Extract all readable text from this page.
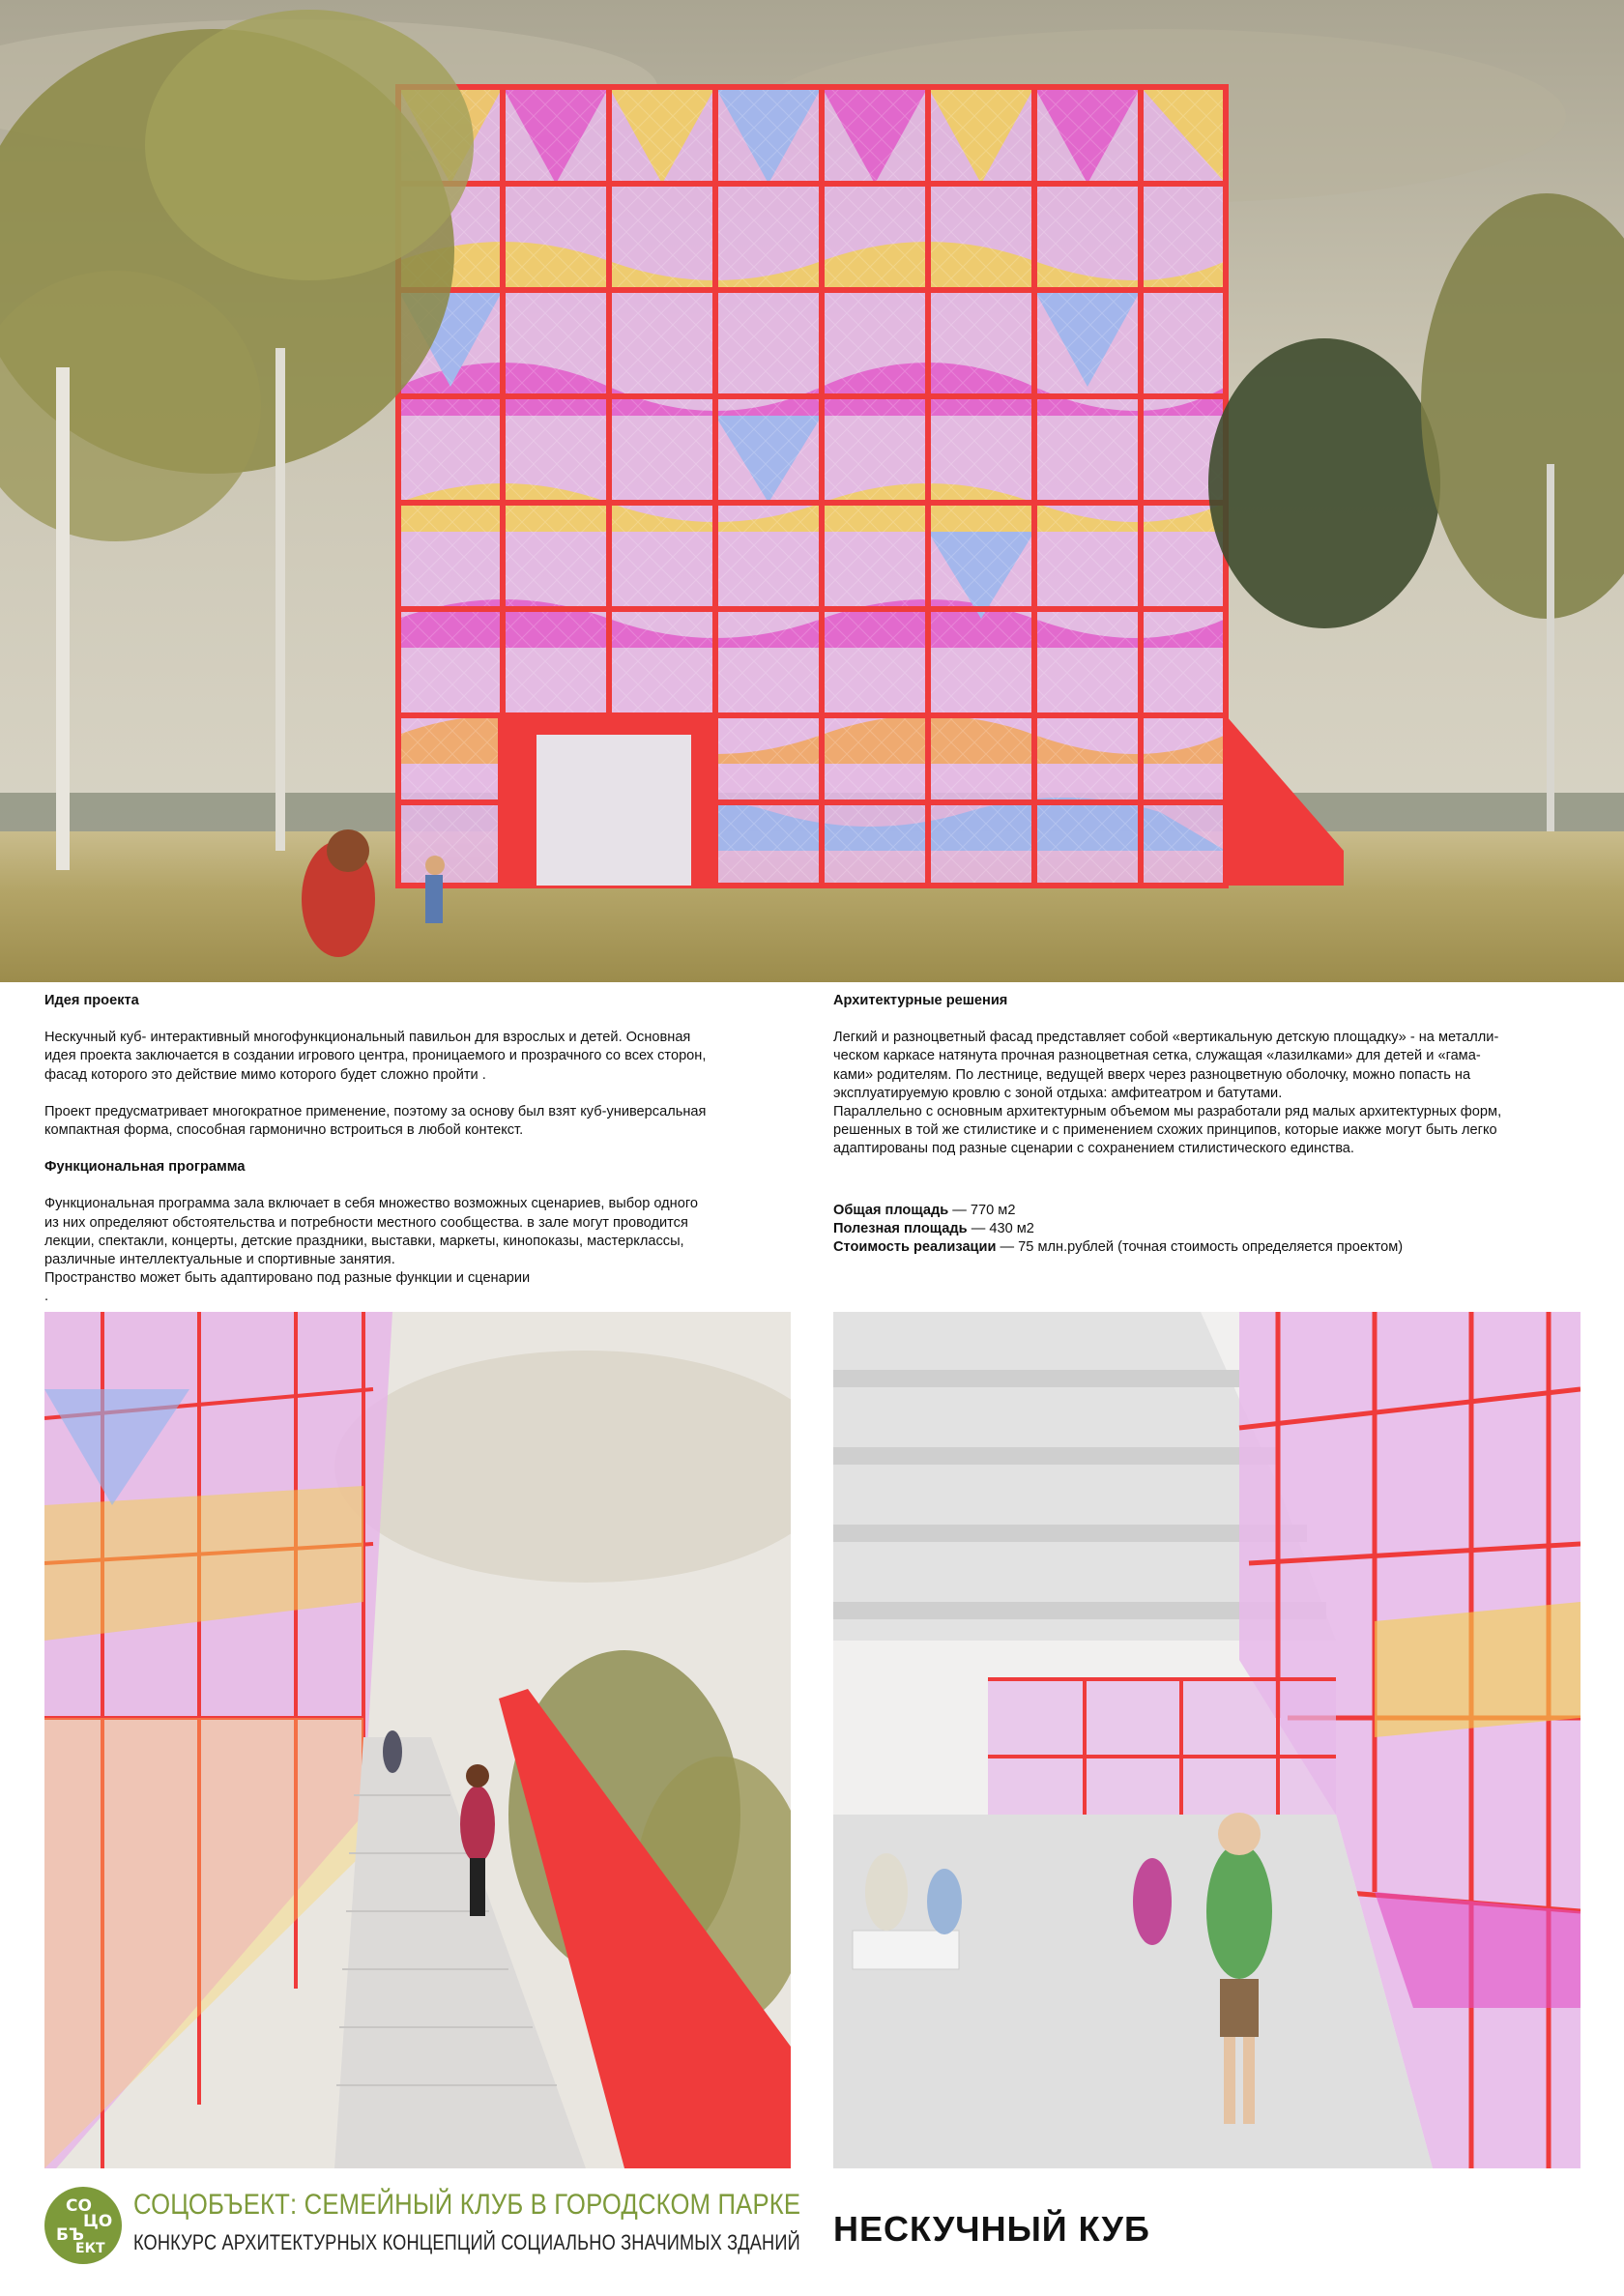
Идея проекта

Нескучный куб- интерактивный многофункциональный павильон для взрослых и детей. Основная
идея проекта заключается в создании игрового центра, проницаемого и прозрачного со всех сторон,
фасад которого это действие мимо которого будет сложно пройти .

Проект предусматривает многократное применение, поэтому за основу был взят куб-универсальная
компактная форма, способная гармонично встроиться в любой контекст.

Функциональная программа

Функциональная программа зала включает в себя множество возможных сценариев, выбор одного
из них определяют обстоятельства и потребности местного сообщества. в зале могут проводится
лекции, спектакли, концерты, детские праздники, выставки, маркеты, кинопоказы, мастерклассы,
различные интеллектуальные и спортивные занятия.
Пространство может быть адаптировано под разные функции и сценарии
.

Архитектурные решения

Легкий и разноцветный фасад представляет собой «вертикальную детскую площадку» - на металли-
ческом каркасе натянута прочная разноцветная сетка, служащая «лазилками» для детей и «гама-
ками» родителям. По лестнице, ведущей вверх через разноцветную оболочку, можно попасть на
эксплуатируемую кровлю с зоной отдыха: амфитеатром и батутами.
Параллельно с основным архитектурным объемом мы разработали ряд малых архитектурных форм,
решенных в той же стилистике и с применением схожих принципов, которые иакже могут быть легко
адаптированы под разные сценарии с сохранением стилистического единства.

Общая площадь — 770 м2
Полезная площадь — 430 м2
Стоимость реализации — 75 млн.рублей (точная стоимость определяется проектом)
СО
ЦО
БЪ
ЕКТ
СОЦОБЪЕКТ: СЕМЕЙНЫЙ КЛУБ В ГОРОДСКОМ ПАРКЕ
КОНКУРС АРХИТЕКТУРНЫХ КОНЦЕПЦИЙ СОЦИАЛЬНО ЗНАЧИМЫХ ЗДАНИЙ НЕСКУЧНЫЙ КУБ
